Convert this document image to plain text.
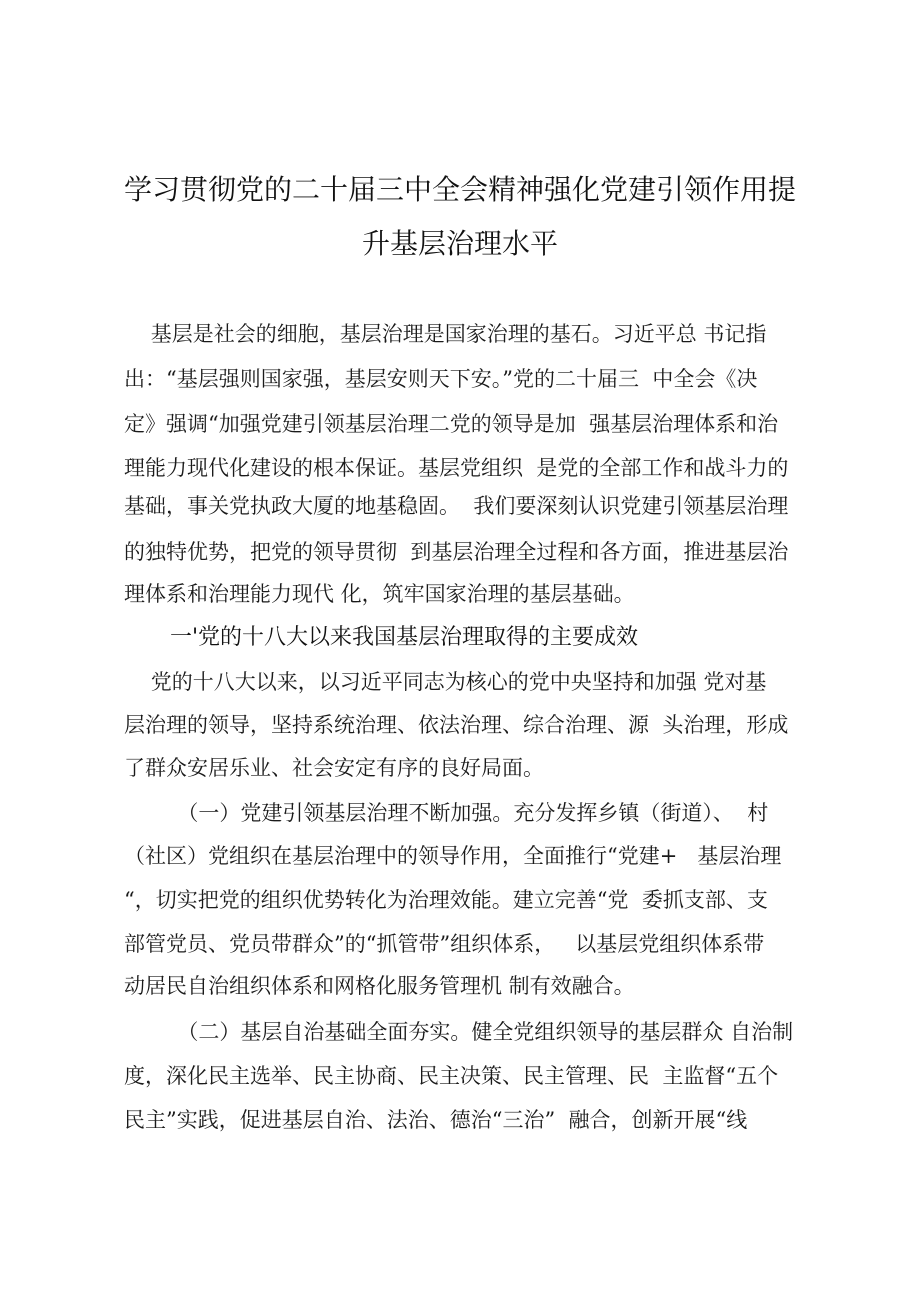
学习贯彻党的二十届三中全会精神强化党建引领作用提
升基层治理水平
基层是社会的细胞，基层治理是国家治理的基石。习近平总 书记指
出：“基层强则国家强，基层安则天下安。”党的二十届三  中全会《决
定》强调“加强党建引领基层治理二党的领导是加  强基层治理体系和治
理能力现代化建设的根本保证。基层党组织  是党的全部工作和战斗力的
基础，事关党执政大厦的地基稳固。  我们要深刻认识党建引领基层治理
的独特优势，把党的领导贯彻  到基层治理全过程和各方面，推进基层治
理体系和治理能力现代 化，筑牢国家治理的基层基础。
一'党的十八大以来我国基层治理取得的主要成效
党的十八大以来，以习近平同志为核心的党中央坚持和加强 党对基
层治理的领导，坚持系统治理、依法治理、综合治理、源  头治理，形成
了群众安居乐业、社会安定有序的良好局面。
（一）党建引领基层治理不断加强。充分发挥乡镇（街道）、  村
（社区）党组织在基层治理中的领导作用，全面推行“党建+   基层治理
“，切实把党的组织优势转化为治理效能。建立完善“党  委抓支部、支
部管党员、党员带群众”的“抓管带”组织体系，   以基层党组织体系带
动居民自治组织体系和网格化服务管理机 制有效融合。
（二）基层自治基础全面夯实。健全党组织领导的基层群众 自治制
度，深化民主选举、民主协商、民主决策、民主管理、民  主监督“五个
民主”实践，促进基层自治、法治、德治“三治”  融合，创新开展“线
